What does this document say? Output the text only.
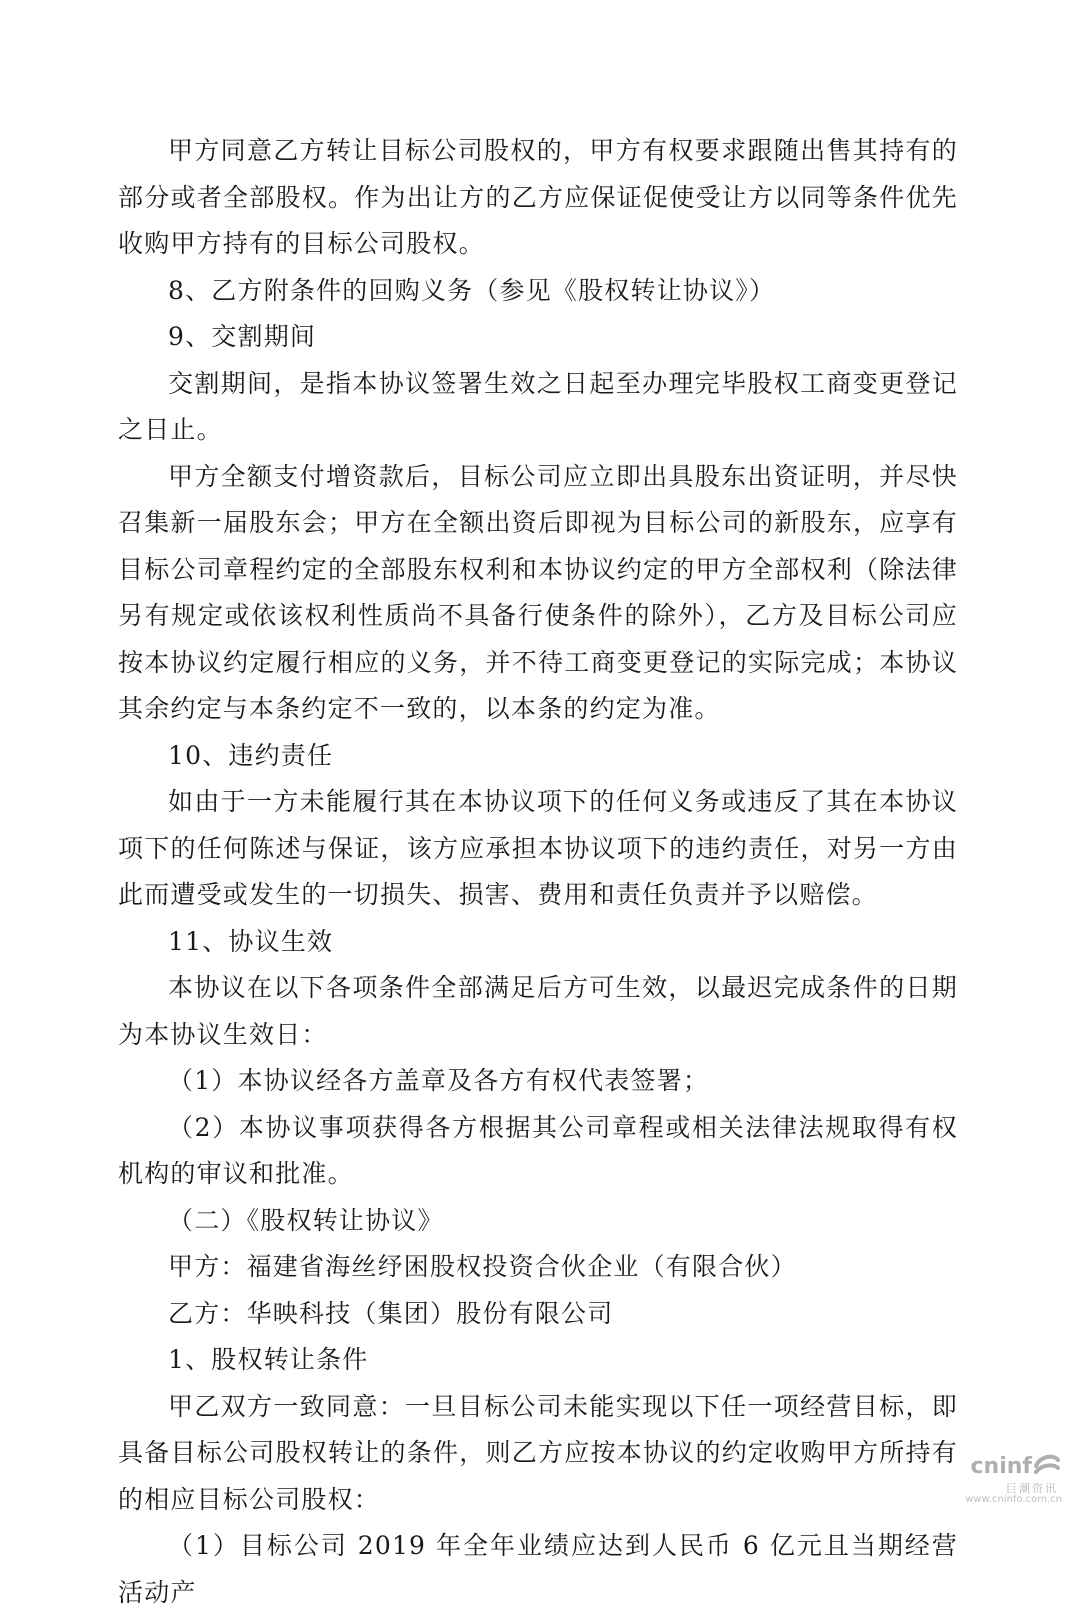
甲方同意乙方转让目标公司股权的，甲方有权要求跟随出售其持有的部分或者全部股权。作为出让方的乙方应保证促使受让方以同等条件优先收购甲方持有的目标公司股权。

8、乙方附条件的回购义务（参见《股权转让协议》）

9、交割期间

交割期间，是指本协议签署生效之日起至办理完毕股权工商变更登记之日止。

甲方全额支付增资款后，目标公司应立即出具股东出资证明，并尽快召集新一届股东会；甲方在全额出资后即视为目标公司的新股东，应享有目标公司章程约定的全部股东权利和本协议约定的甲方全部权利（除法律另有规定或依该权利性质尚不具备行使条件的除外），乙方及目标公司应按本协议约定履行相应的义务，并不待工商变更登记的实际完成；本协议其余约定与本条约定不一致的，以本条的约定为准。

10、违约责任

如由于一方未能履行其在本协议项下的任何义务或违反了其在本协议项下的任何陈述与保证，该方应承担本协议项下的违约责任，对另一方由此而遭受或发生的一切损失、损害、费用和责任负责并予以赔偿。

11、协议生效

本协议在以下各项条件全部满足后方可生效，以最迟完成条件的日期为本协议生效日：

（1）本协议经各方盖章及各方有权代表签署；

（2）本协议事项获得各方根据其公司章程或相关法律法规取得有权机构的审议和批准。

（二）《股权转让协议》

甲方：福建省海丝纾困股权投资合伙企业（有限合伙）

乙方：华映科技（集团）股份有限公司

1、股权转让条件

甲乙双方一致同意：一旦目标公司未能实现以下任一项经营目标，即具备目标公司股权转让的条件，则乙方应按本协议的约定收购甲方所持有的相应目标公司股权：

（1）目标公司 2019 年全年业绩应达到人民币 6 亿元且当期经营活动产

cninf
巨潮资讯
www.cninfo.com.cn
